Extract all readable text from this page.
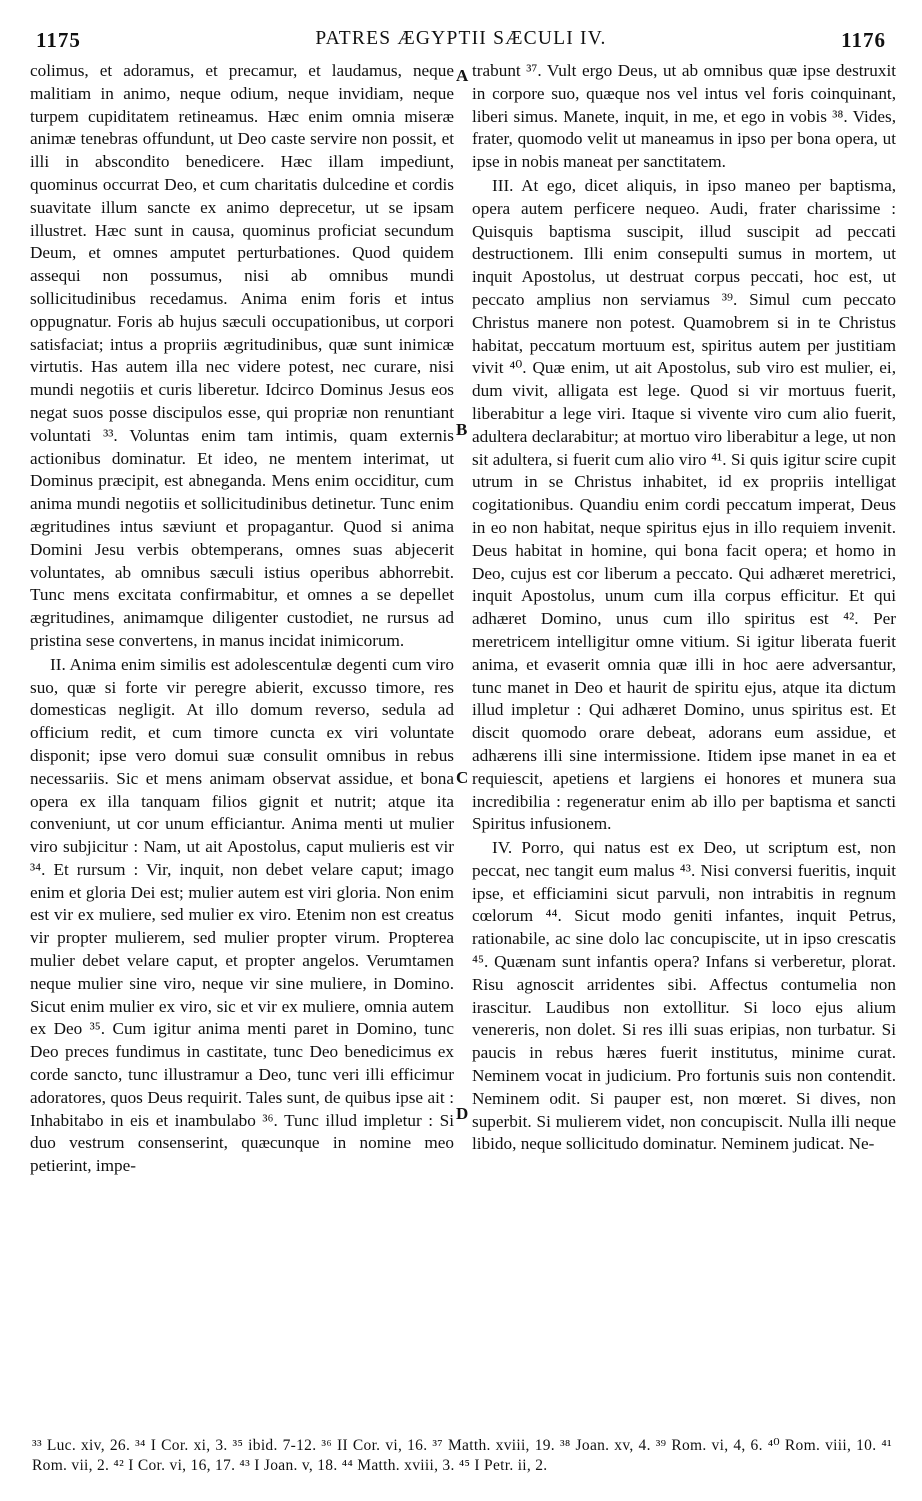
1175	PATRES ÆGYPTII SÆCULI IV.	1176

colimus, et adoramus, et precamur, et laudamus, neque malitiam in animo, neque odium, neque invidiam, neque turpem cupiditatem retineamus. Hæc enim omnia miseræ animæ tenebras offundunt, ut Deo caste servire non possit, et illi in abscondito benedicere. Hæc illam impediunt, quominus occurrat Deo, et cum charitatis dulcedine et cordis suavitate illum sancte ex animo deprecetur, ut se ipsam illustret. Hæc sunt in causa, quominus proficiat secundum Deum, et omnes amputet perturbationes. Quod quidem assequi non possumus, nisi ab omnibus mundi sollicitudinibus recedamus. Anima enim foris et intus oppugnatur. Foris ab hujus sæculi occupationibus, ut corpori satisfaciat; intus a propriis ægritudinibus, quæ sunt inimicæ virtutis. Has autem illa nec videre potest, nec curare, nisi mundi negotiis et curis liberetur. Idcirco Dominus Jesus eos negat suos posse discipulos esse, qui propriæ non renuntiant voluntati ³³. Voluntas enim tam intimis, quam externis actionibus dominatur. Et ideo, ne mentem interimat, ut Dominus præcipit, est abneganda. Mens enim occiditur, cum anima mundi negotiis et sollicitudinibus detinetur. Tunc enim ægritudines intus sæviunt et propagantur. Quod si anima Domini Jesu verbis obtemperans, omnes suas abjecerit voluntates, ab omnibus sæculi istius operibus abhorrebit. Tunc mens excitata confirmabitur, et omnes a se depellet ægritudines, animamque diligenter custodiet, ne rursus ad pristina sese convertens, in manus incidat inimicorum.

II. Anima enim similis est adolescentulæ degenti cum viro suo, quæ si forte vir peregre abierit, excusso timore, res domesticas negligit. At illo domum reverso, sedula ad officium redit, et cum timore cuncta ex viri voluntate disponit; ipse vero domui suæ consulit omnibus in rebus necessariis. Sic et mens animam observat assidue, et bona opera ex illa tanquam filios gignit et nutrit; atque ita conveniunt, ut cor unum efficiantur. Anima menti ut mulier viro subjicitur : Nam, ut ait Apostolus, caput mulieris est vir ³⁴. Et rursum : Vir, inquit, non debet velare caput; imago enim et gloria Dei est; mulier autem est viri gloria. Non enim est vir ex muliere, sed mulier ex viro. Etenim non est creatus vir propter mulierem, sed mulier propter virum. Propterea mulier debet velare caput, et propter angelos. Verumtamen neque mulier sine viro, neque vir sine muliere, in Domino. Sicut enim mulier ex viro, sic et vir ex muliere, omnia autem ex Deo ³⁵. Cum igitur anima menti paret in Domino, tunc Deo preces fundimus in castitate, tunc Deo benedicimus ex corde sancto, tunc illustramur a Deo, tunc veri illi efficimur adoratores, quos Deus requirit. Tales sunt, de quibus ipse ait : Inhabitabo in eis et inambulabo ³⁶. Tunc illud impletur : Si duo vestrum consenserint, quæcunque in nomine meo petierint, impe-

trabunt ³⁷. Vult ergo Deus, ut ab omnibus quæ ipse destruxit in corpore suo, quæque nos vel intus vel foris coinquinant, liberi simus. Manete, inquit, in me, et ego in vobis ³⁸. Vides, frater, quomodo velit ut maneamus in ipso per bona opera, ut ipse in nobis maneat per sanctitatem.

III. At ego, dicet aliquis, in ipso maneo per baptisma, opera autem perficere nequeo. Audi, frater charissime : Quisquis baptisma suscipit, illud suscipit ad peccati destructionem. Illi enim consepulti sumus in mortem, ut inquit Apostolus, ut destruat corpus peccati, hoc est, ut peccato amplius non serviamus ³⁹. Simul cum peccato Christus manere non potest. Quamobrem si in te Christus habitat, peccatum mortuum est, spiritus autem per justitiam vivit ⁴⁰. Quæ enim, ut ait Apostolus, sub viro est mulier, ei, dum vivit, alligata est lege. Quod si vir mortuus fuerit, liberabitur a lege viri. Itaque si vivente viro cum alio fuerit, adultera declarabitur; at mortuo viro liberabitur a lege, ut non sit adultera, si fuerit cum alio viro ⁴¹. Si quis igitur scire cupit utrum in se Christus inhabitet, id ex propriis intelligat cogitationibus. Quandiu enim cordi peccatum imperat, Deus in eo non habitat, neque spiritus ejus in illo requiem invenit. Deus habitat in homine, qui bona facit opera; et homo in Deo, cujus est cor liberum a peccato. Qui adhæret meretrici, inquit Apostolus, unum cum illa corpus efficitur. Et qui adhæret Domino, unus cum illo spiritus est ⁴². Per meretricem intelligitur omne vitium. Si igitur liberata fuerit anima, et evaserit omnia quæ illi in hoc aere adversantur, tunc manet in Deo et haurit de spiritu ejus, atque ita dictum illud impletur : Qui adhæret Domino, unus spiritus est. Et discit quomodo orare debeat, adorans eum assidue, et adhærens illi sine intermissione. Itidem ipse manet in ea et requiescit, apetiens et largiens ei honores et munera sua incredibilia : regeneratur enim ab illo per baptisma et sancti Spiritus infusionem.

IV. Porro, qui natus est ex Deo, ut scriptum est, non peccat, nec tangit eum malus ⁴³. Nisi conversi fueritis, inquit ipse, et efficiamini sicut parvuli, non intrabitis in regnum cœlorum ⁴⁴. Sicut modo geniti infantes, inquit Petrus, rationabile, ac sine dolo lac concupiscite, ut in ipso crescatis ⁴⁵. Quænam sunt infantis opera? Infans si verberetur, plorat. Risu agnoscit arridentes sibi. Affectus contumelia non irascitur. Laudibus non extollitur. Si loco ejus alium venereris, non dolet. Si res illi suas eripias, non turbatur. Si paucis in rebus hæres fuerit institutus, minime curat. Neminem vocat in judicium. Pro fortunis suis non contendit. Neminem odit. Si pauper est, non mœret. Si dives, non superbit. Si mulierem videt, non concupiscit. Nulla illi neque libido, neque sollicitudo dominatur. Neminem judicat. Ne-

A
B
C
D
³³ Luc. xiv, 26. ³⁴ I Cor. xi, 3. ³⁵ ibid. 7-12. ³⁶ II Cor. vi, 16. ³⁷ Matth. xviii, 19. ³⁸ Joan. xv, 4. ³⁹ Rom. vi, 4, 6. ⁴⁰ Rom. viii, 10. ⁴¹ Rom. vii, 2. ⁴² I Cor. vi, 16, 17. ⁴³ I Joan. v, 18. ⁴⁴ Matth. xviii, 3. ⁴⁵ I Petr. ii, 2.
